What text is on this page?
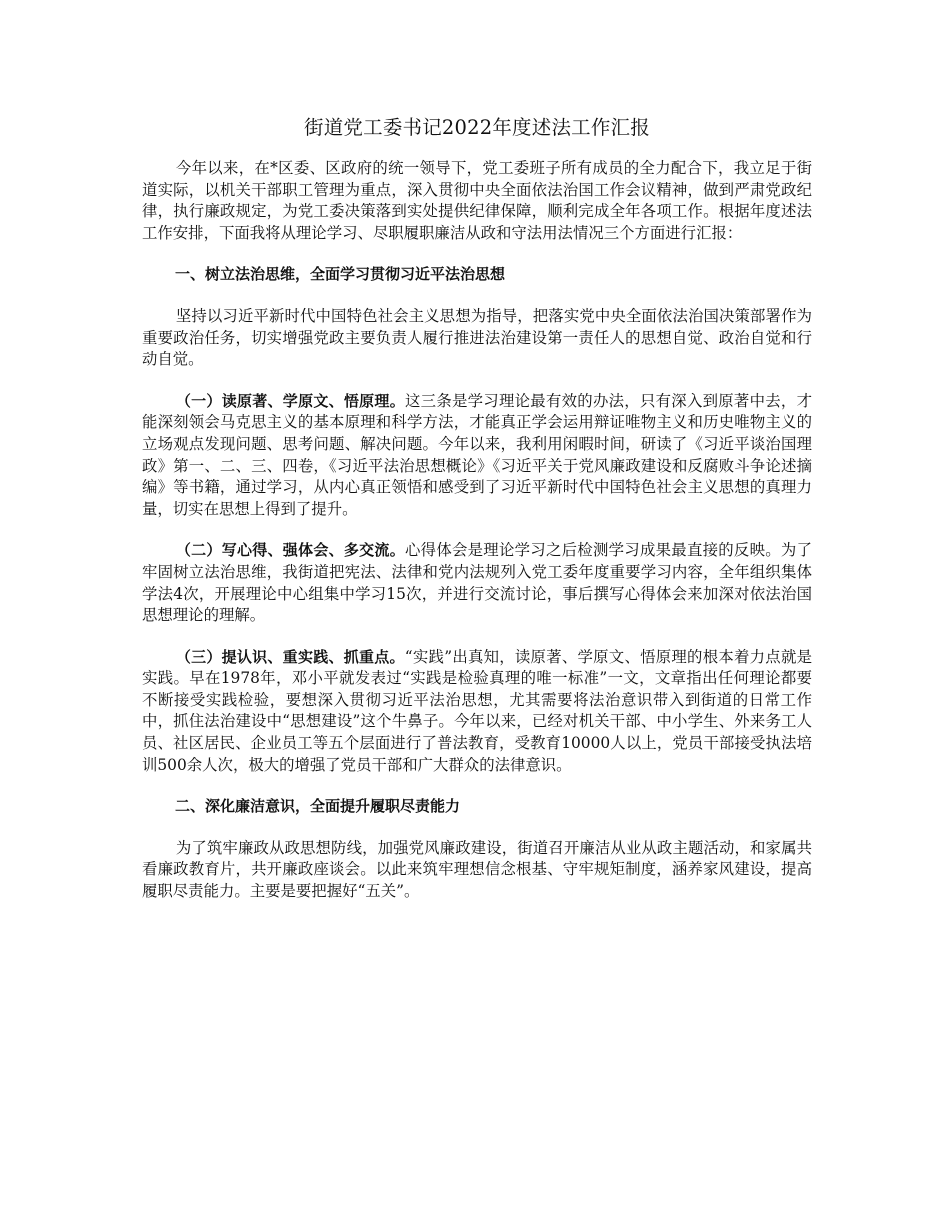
街道党工委书记2022年度述法工作汇报

今年以来，在*区委、区政府的统一领导下，党工委班子所有成员的全力配合下，我立足于街道实际，以机关干部职工管理为重点，深入贯彻中央全面依法治国工作会议精神，做到严肃党政纪律，执行廉政规定，为党工委决策落到实处提供纪律保障，顺利完成全年各项工作。根据年度述法工作安排，下面我将从理论学习、尽职履职廉洁从政和守法用法情况三个方面进行汇报：

一、树立法治思维，全面学习贯彻习近平法治思想

坚持以习近平新时代中国特色社会主义思想为指导，把落实党中央全面依法治国决策部署作为重要政治任务，切实增强党政主要负责人履行推进法治建设第一责任人的思想自觉、政治自觉和行动自觉。

（一）读原著、学原文、悟原理。这三条是学习理论最有效的办法，只有深入到原著中去，才能深刻领会马克思主义的基本原理和科学方法，才能真正学会运用辩证唯物主义和历史唯物主义的立场观点发现问题、思考问题、解决问题。今年以来，我利用闲暇时间，研读了《习近平谈治国理政》第一、二、三、四卷，《习近平法治思想概论》《习近平关于党风廉政建设和反腐败斗争论述摘编》等书籍，通过学习，从内心真正领悟和感受到了习近平新时代中国特色社会主义思想的真理力量，切实在思想上得到了提升。

（二）写心得、强体会、多交流。心得体会是理论学习之后检测学习成果最直接的反映。为了牢固树立法治思维，我街道把宪法、法律和党内法规列入党工委年度重要学习内容，全年组织集体学法4次，开展理论中心组集中学习15次，并进行交流讨论，事后撰写心得体会来加深对依法治国思想理论的理解。

（三）提认识、重实践、抓重点。“实践”出真知，读原著、学原文、悟原理的根本着力点就是实践。早在1978年，邓小平就发表过“实践是检验真理的唯一标准”一文，文章指出任何理论都要不断接受实践检验，要想深入贯彻习近平法治思想，尤其需要将法治意识带入到街道的日常工作中，抓住法治建设中“思想建设”这个牛鼻子。今年以来，已经对机关干部、中小学生、外来务工人员、社区居民、企业员工等五个层面进行了普法教育，受教育10000人以上，党员干部接受执法培训500余人次，极大的增强了党员干部和广大群众的法律意识。

二、深化廉洁意识，全面提升履职尽责能力

为了筑牢廉政从政思想防线，加强党风廉政建设，街道召开廉洁从业从政主题活动，和家属共看廉政教育片，共开廉政座谈会。以此来筑牢理想信念根基、守牢规矩制度，涵养家风建设，提高履职尽责能力。主要是要把握好“五关”。
